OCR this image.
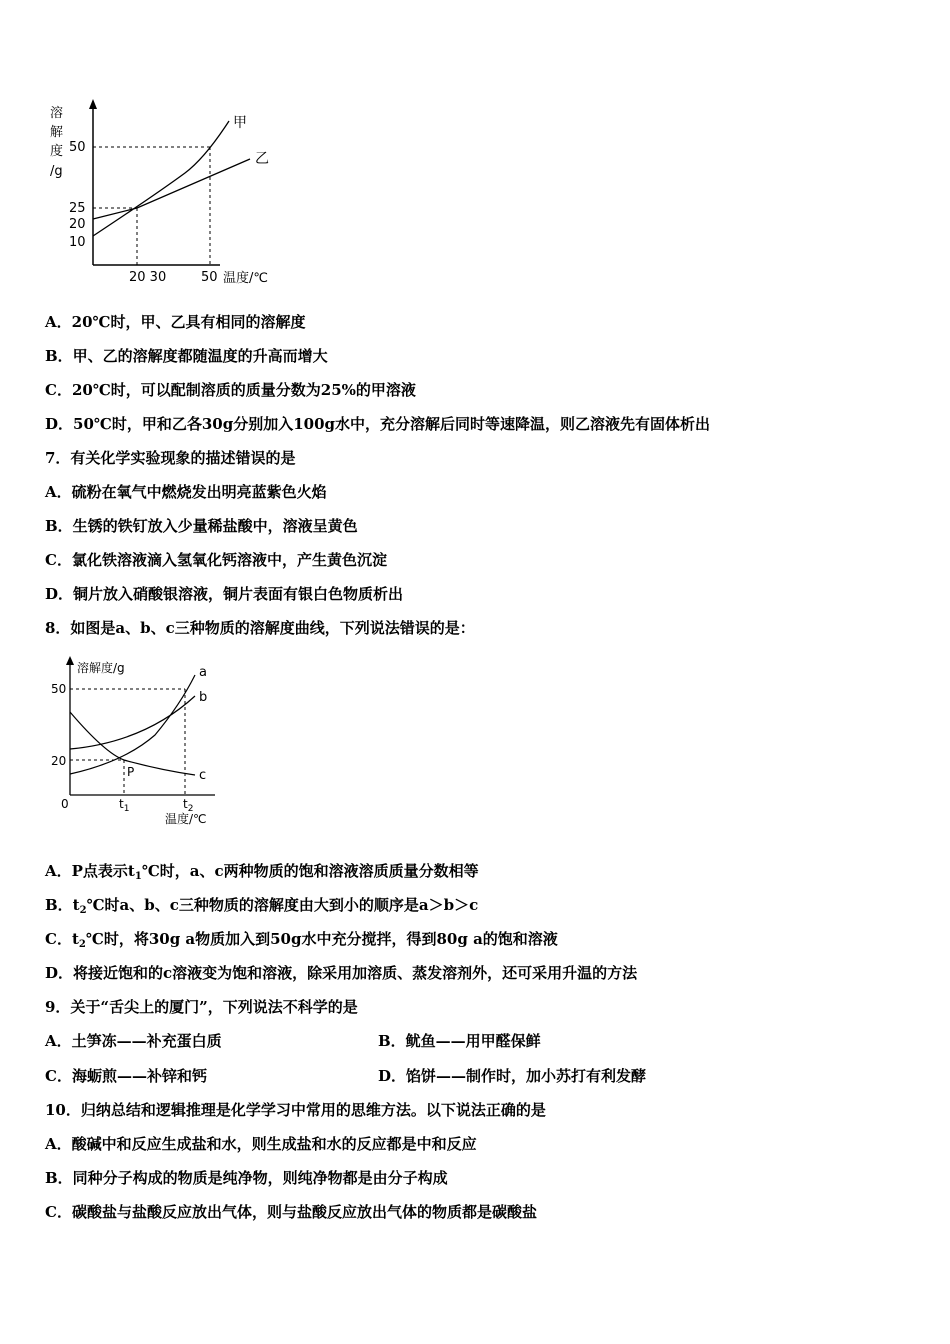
溶
解
度
/g
50
25
20
10
20 30	50 温度/℃
甲
乙
A．20℃时，甲、乙具有相同的溶解度
B．甲、乙的溶解度都随温度的升高而增大
C．20℃时，可以配制溶质的质量分数为25%的甲溶液
D．50℃时，甲和乙各30g分别加入100g水中，充分溶解后同时等速降温，则乙溶液先有固体析出
7．有关化学实验现象的描述错误的是
A．硫粉在氧气中燃烧发出明亮蓝紫色火焰
B．生锈的铁钉放入少量稀盐酸中，溶液呈黄色
C．氯化铁溶液滴入氢氧化钙溶液中，产生黄色沉淀
D．铜片放入硝酸银溶液，铜片表面有银白色物质析出
8．如图是a、b、c三种物质的溶解度曲线，下列说法错误的是：
溶解度/g
50
20
0	$t_1$	$t_2$
温度/℃
P
a
b
c
A．P点表示$t_1℃$时，a、c两种物质的饱和溶液溶质质量分数相等
B．$t_2℃$时a、b、c三种物质的溶解度由大到小的顺序是a＞b＞c
C．$t_2℃$时，将30g a物质加入到50g水中充分搅拌，得到80g a的饱和溶液
D．将接近饱和的c溶液变为饱和溶液，除采用加溶质、蒸发溶剂外，还可采用升温的方法
9．关于“舌尖上的厦门”，下列说法不科学的是
A．土笋冻——补充蛋白质	B．鱿鱼——用甲醛保鲜
C．海蛎煎——补锌和钙	D．馅饼——制作时，加小苏打有利发酵
10．归纳总结和逻辑推理是化学学习中常用的思维方法。以下说法正确的是
A．酸碱中和反应生成盐和水，则生成盐和水的反应都是中和反应
B．同种分子构成的物质是纯净物，则纯净物都是由分子构成
C．碳酸盐与盐酸反应放出气体，则与盐酸反应放出气体的物质都是碳酸盐
